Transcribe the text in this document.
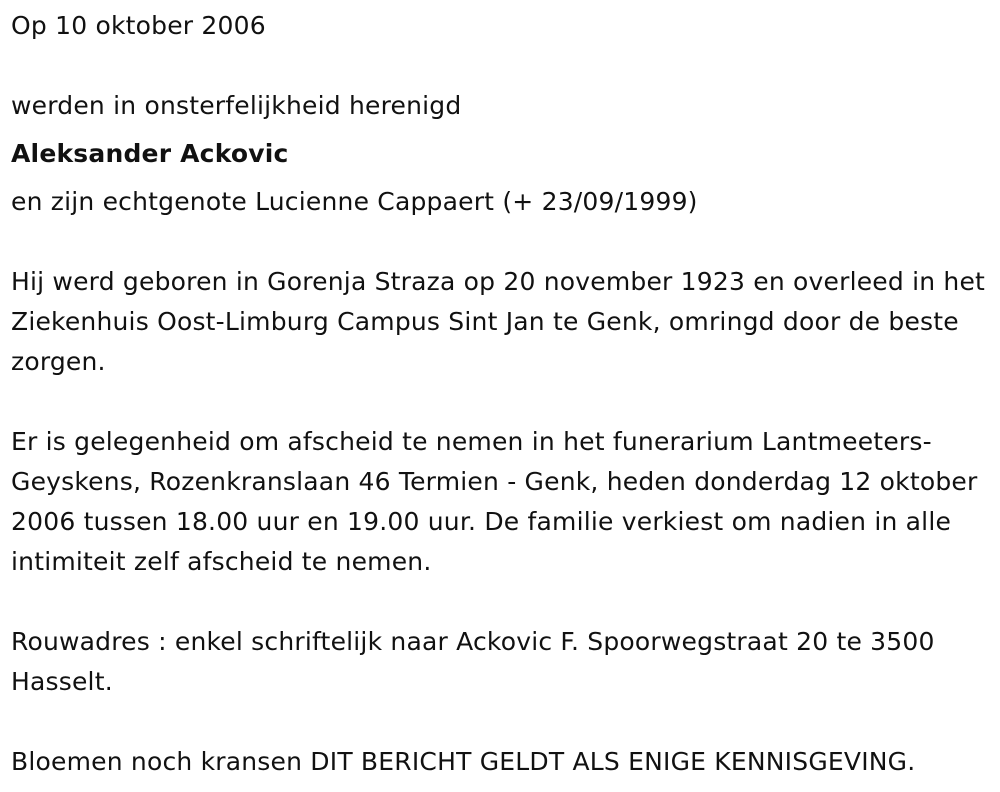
Op 10 oktober 2006
werden in onsterfelijkheid herenigd
Aleksander Ackovic
en zijn echtgenote Lucienne Cappaert (+ 23/09/1999)

Hij werd geboren in Gorenja Straza op 20 november 1923 en overleed in het Ziekenhuis Oost-Limburg Campus Sint Jan te Genk, omringd door de beste zorgen.

Er is gelegenheid om afscheid te nemen in het funerarium Lantmeeters-Geyskens, Rozenkranslaan 46 Termien - Genk, heden donderdag 12 oktober 2006 tussen 18.00 uur en 19.00 uur. De familie verkiest om nadien in alle intimiteit zelf afscheid te nemen.

Rouwadres : enkel schriftelijk naar Ackovic F. Spoorwegstraat 20 te 3500 Hasselt.

Bloemen noch kransen DIT BERICHT GELDT ALS ENIGE KENNISGEVING.
